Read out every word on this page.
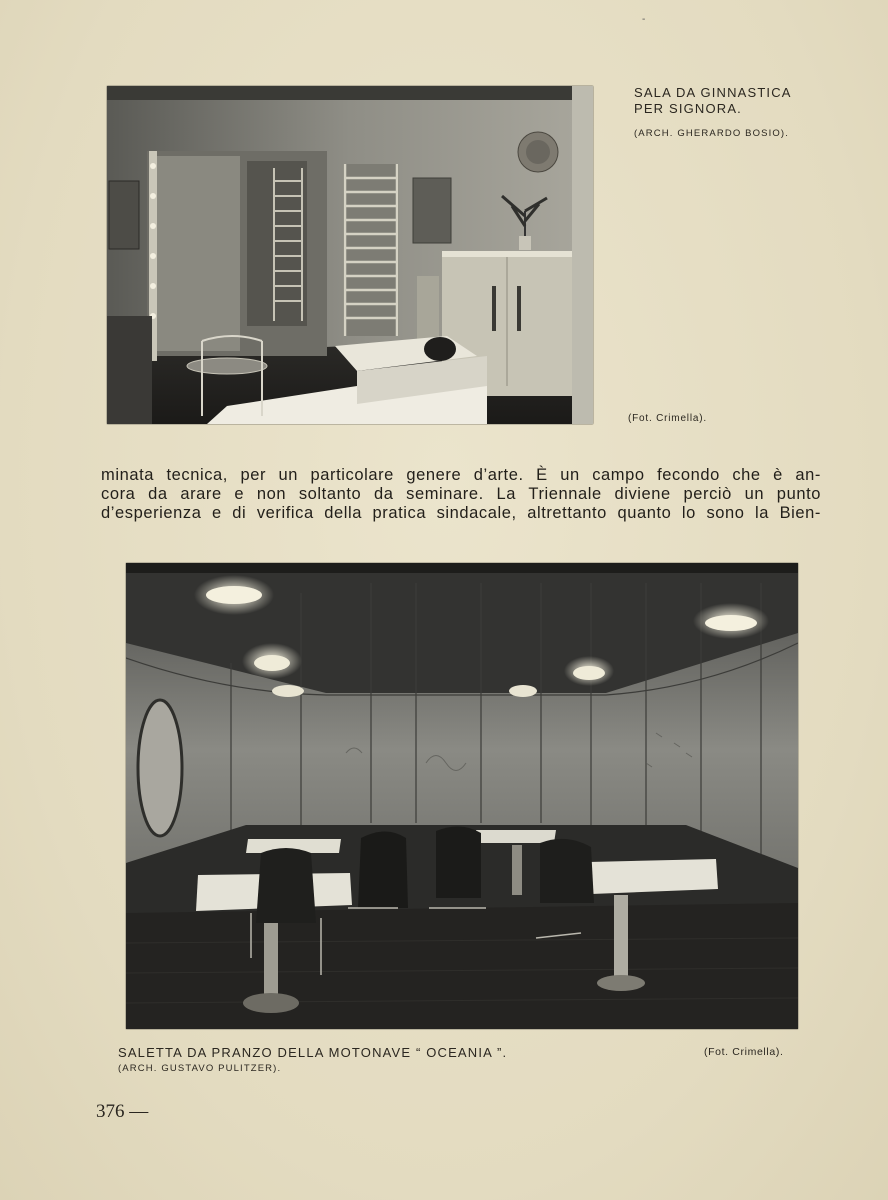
-
SALA DA GINNASTICA
PER SIGNORA.
(ARCH. GHERARDO BOSIO).
(Fot. Crimella).
minata tecnica, per un particolare genere d’arte. È un campo fecondo che è an-
cora da arare e non soltanto da seminare. La Triennale diviene perciò un punto
d’esperienza e di verifica della pratica sindacale, altrettanto quanto lo sono la Bien-
SALETTA DA PRANZO DELLA MOTONAVE “ OCEANIA ”.
(ARCH. GUSTAVO PULITZER).
(Fot. Crimella).
376 —
